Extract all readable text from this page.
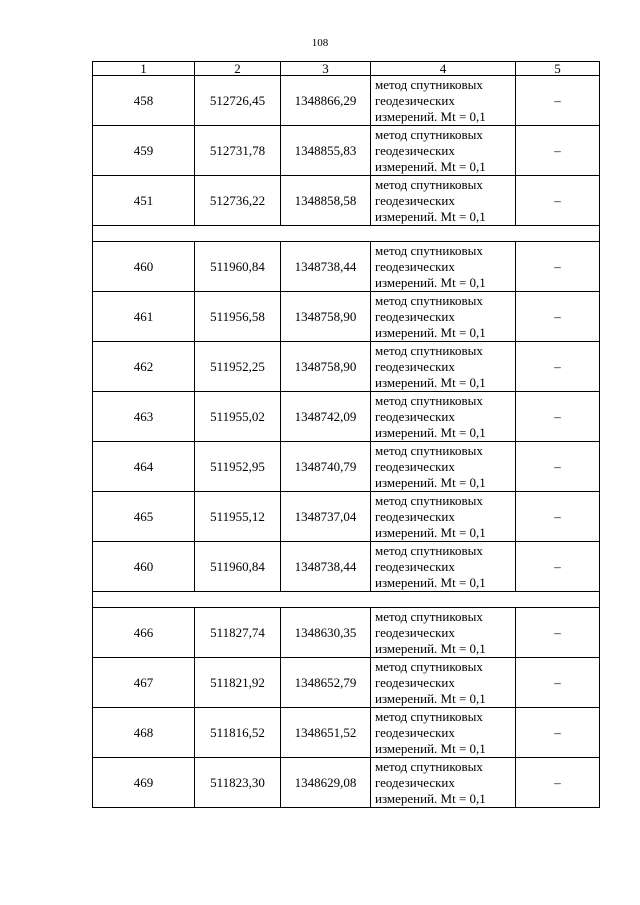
108
1	2	3	4	5
458	512726,45	1348866,29	метод спутниковых
геодезических
измерений. Mt = 0,1	–
459	512731,78	1348855,83	метод спутниковых
геодезических
измерений. Mt = 0,1	–
451	512736,22	1348858,58	метод спутниковых
геодезических
измерений. Mt = 0,1	–

460	511960,84	1348738,44	метод спутниковых
геодезических
измерений. Mt = 0,1	–
461	511956,58	1348758,90	метод спутниковых
геодезических
измерений. Mt = 0,1	–
462	511952,25	1348758,90	метод спутниковых
геодезических
измерений. Mt = 0,1	–
463	511955,02	1348742,09	метод спутниковых
геодезических
измерений. Mt = 0,1	–
464	511952,95	1348740,79	метод спутниковых
геодезических
измерений. Mt = 0,1	–
465	511955,12	1348737,04	метод спутниковых
геодезических
измерений. Mt = 0,1	–
460	511960,84	1348738,44	метод спутниковых
геодезических
измерений. Mt = 0,1	–

466	511827,74	1348630,35	метод спутниковых
геодезических
измерений. Mt = 0,1	–
467	511821,92	1348652,79	метод спутниковых
геодезических
измерений. Mt = 0,1	–
468	511816,52	1348651,52	метод спутниковых
геодезических
измерений. Mt = 0,1	–
469	511823,30	1348629,08	метод спутниковых
геодезических
измерений. Mt = 0,1	–
